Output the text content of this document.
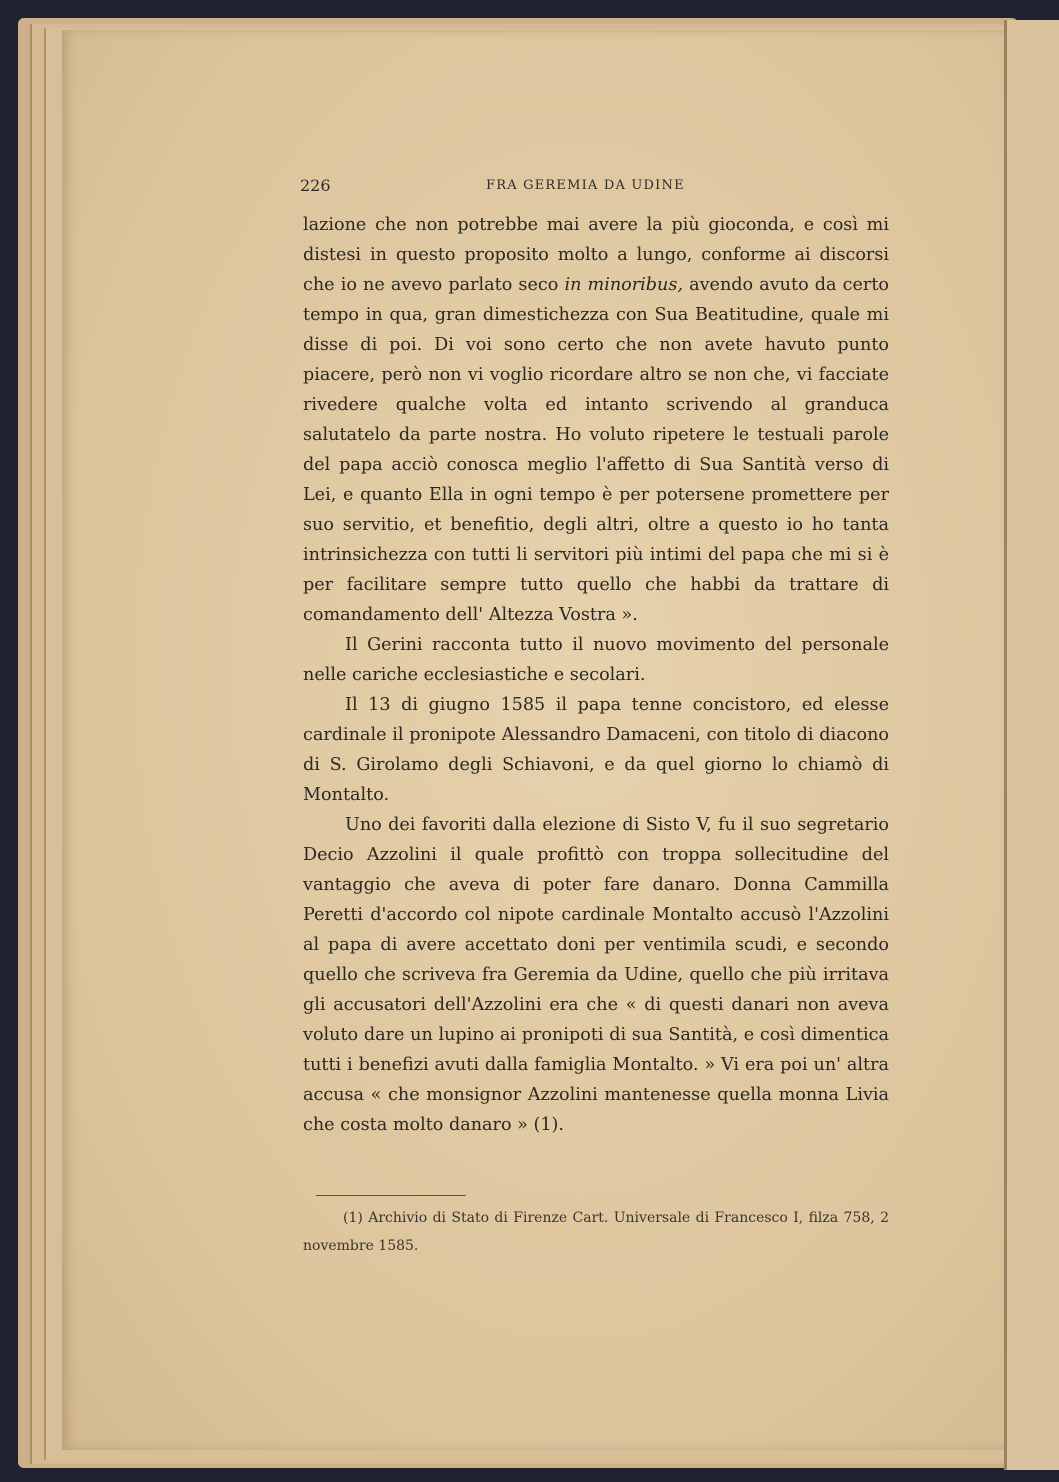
226	FRA GEREMIA DA UDINE

lazione che non potrebbe mai avere la più gioconda, e così mi distesi in questo proposito molto a lungo, conforme ai discorsi che io ne avevo parlato seco in minoribus, avendo avuto da certo tempo in qua, gran dimestichezza con Sua Beatitudine, quale mi disse di poi. Di voi sono certo che non avete havuto punto piacere, però non vi voglio ricordare altro se non che, vi facciate rivedere qualche volta ed intanto scrivendo al granduca salutatelo da parte nostra. Ho voluto ripetere le testuali parole del papa acciò conosca meglio l'affetto di Sua Santità verso di Lei, e quanto Ella in ogni tempo è per potersene promettere per suo servitio, et benefitio, degli altri, oltre a questo io ho tanta intrinsichezza con tutti li servitori più intimi del papa che mi si è per facilitare sempre tutto quello che habbi da trattare di comandamento dell' Altezza Vostra ».

Il Gerini racconta tutto il nuovo movimento del personale nelle cariche ecclesiastiche e secolari.

Il 13 di giugno 1585 il papa tenne concistoro, ed elesse cardinale il pronipote Alessandro Damaceni, con titolo di diacono di S. Girolamo degli Schiavoni, e da quel giorno lo chiamò di Montalto.

Uno dei favoriti dalla elezione di Sisto V, fu il suo segretario Decio Azzolini il quale profittò con troppa sollecitudine del vantaggio che aveva di poter fare danaro. Donna Cammilla Peretti d'accordo col nipote cardinale Montalto accusò l'Azzolini al papa di avere accettato doni per ventimila scudi, e secondo quello che scriveva fra Geremia da Udine, quello che più irritava gli accusatori dell'Azzolini era che « di questi danari non aveva voluto dare un lupino ai pronipoti di sua Santità, e così dimentica tutti i benefizi avuti dalla famiglia Montalto. » Vi era poi un' altra accusa « che monsignor Azzolini mantenesse quella monna Livia che costa molto danaro » (1).

(1) Archivio di Stato di Firenze Cart. Universale di Francesco I, filza 758, 2 novembre 1585.
